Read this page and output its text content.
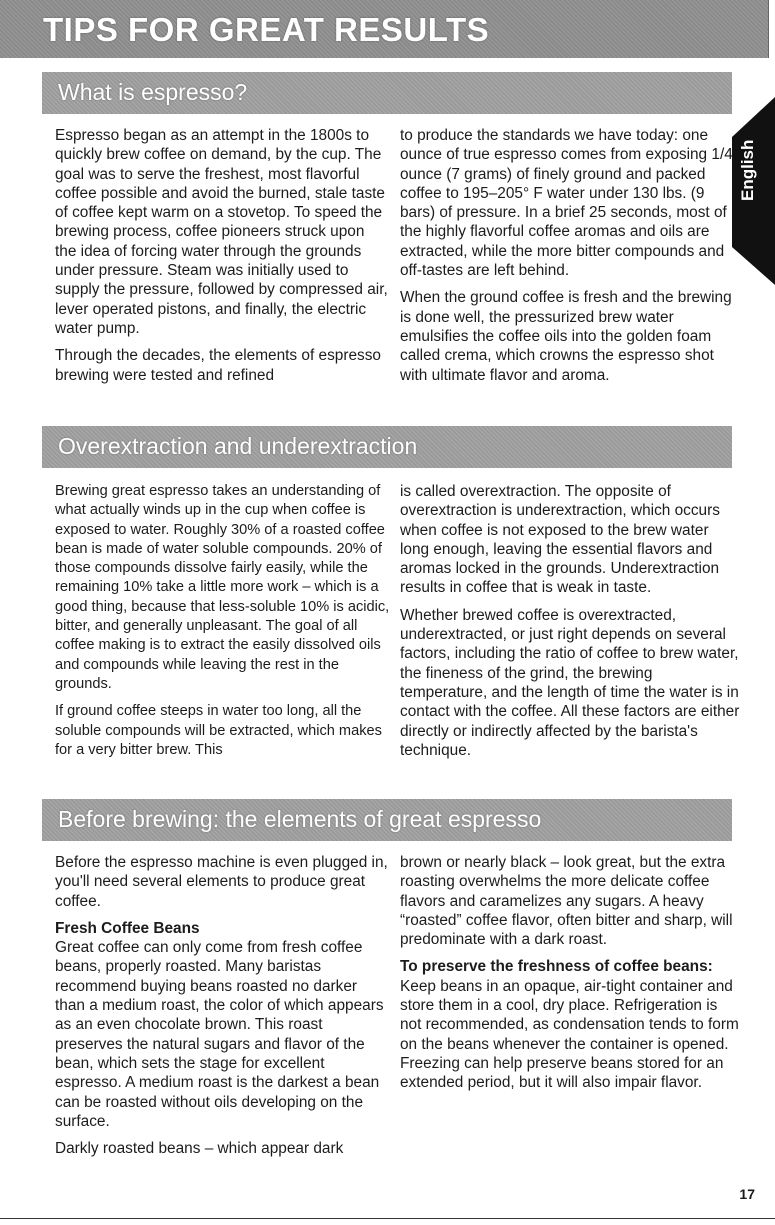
TIPS FOR GREAT RESULTS
English
What is espresso?

Espresso began as an attempt in the 1800s to quickly brew coffee on demand, by the cup. The goal was to serve the freshest, most flavorful coffee possible and avoid the burned, stale taste of coffee kept warm on a stovetop. To speed the brewing process, coffee pioneers struck upon the idea of forcing water through the grounds under pressure. Steam was initially used to supply the pressure, followed by compressed air, lever operated pistons, and finally, the electric water pump.

Through the decades, the elements of espresso brewing were tested and refined

to produce the standards we have today: one ounce of true espresso comes from exposing 1/4 ounce (7 grams) of finely ground and packed coffee to 195–205° F water under 130 lbs. (9 bars) of pressure. In a brief 25 seconds, most of the highly flavorful coffee aromas and oils are extracted, while the more bitter compounds and off-tastes are left behind.

When the ground coffee is fresh and the brewing is done well, the pressurized brew water emulsifies the coffee oils into the golden foam called crema, which crowns the espresso shot with ultimate flavor and aroma.

Overextraction and underextraction

Brewing great espresso takes an understanding of what actually winds up in the cup when coffee is exposed to water. Roughly 30% of a roasted coffee bean is made of water soluble compounds. 20% of those compounds dissolve fairly easily, while the remaining 10% take a little more work – which is a good thing, because that less-soluble 10% is acidic, bitter, and generally unpleasant. The goal of all coffee making is to extract the easily dissolved oils and compounds while leaving the rest in the grounds.

If ground coffee steeps in water too long, all the soluble compounds will be extracted, which makes for a very bitter brew. This

is called overextraction. The opposite of overextraction is underextraction, which occurs when coffee is not exposed to the brew water long enough, leaving the essential flavors and aromas locked in the grounds. Underextraction results in coffee that is weak in taste.

Whether brewed coffee is overextracted, underextracted, or just right depends on several factors, including the ratio of coffee to brew water, the fineness of the grind, the brewing temperature, and the length of time the water is in contact with the coffee. All these factors are either directly or indirectly affected by the barista's technique.

Before brewing: the elements of great espresso

Before the espresso machine is even plugged in, you'll need several elements to produce great coffee.

Fresh Coffee Beans

Great coffee can only come from fresh coffee beans, properly roasted. Many baristas recommend buying beans roasted no darker than a medium roast, the color of which appears as an even chocolate brown. This roast preserves the natural sugars and flavor of the bean, which sets the stage for excellent espresso. A medium roast is the darkest a bean can be roasted without oils developing on the surface.

Darkly roasted beans – which appear dark

brown or nearly black – look great, but the extra roasting overwhelms the more delicate coffee flavors and caramelizes any sugars. A heavy “roasted” coffee flavor, often bitter and sharp, will predominate with a dark roast.

To preserve the freshness of coffee beans:

Keep beans in an opaque, air-tight container and store them in a cool, dry place. Refrigeration is not recommended, as condensation tends to form on the beans whenever the container is opened. Freezing can help preserve beans stored for an extended period, but it will also impair flavor.

17
